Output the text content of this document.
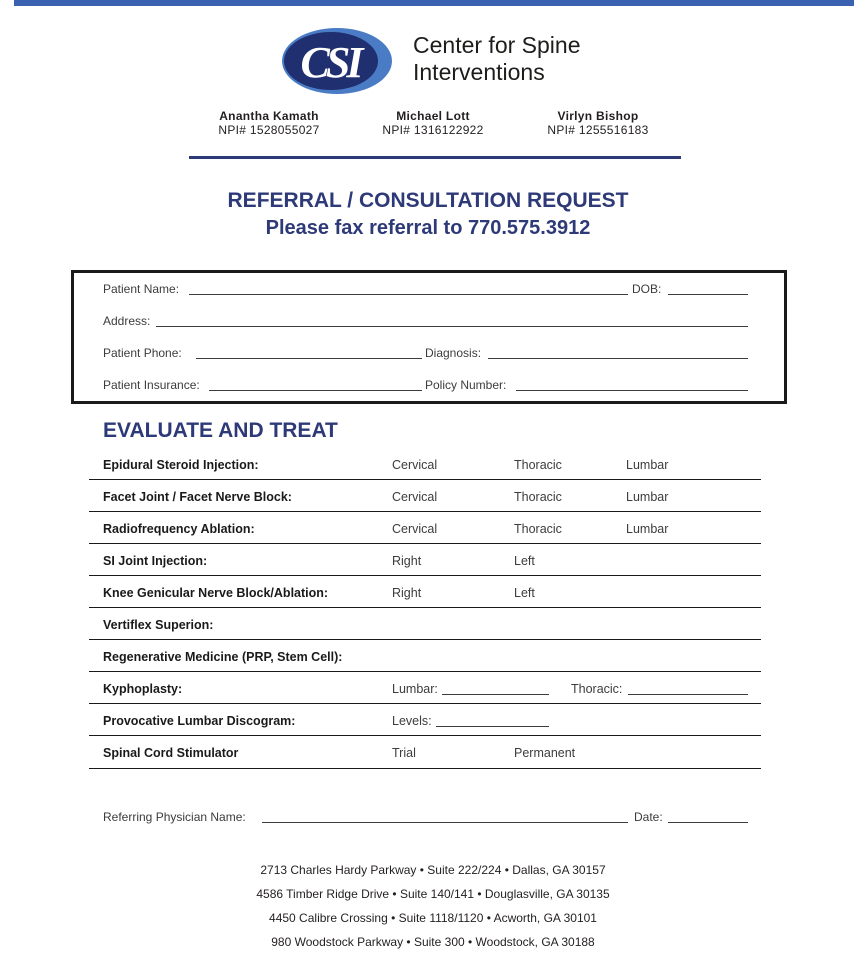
CSI Center for Spine
Interventions
Anantha Kamath
NPI# 1528055027
Michael Lott
NPI# 1316122922
Virlyn Bishop
NPI# 1255516183
REFERRAL / CONSULTATION REQUEST
Please fax referral to 770.575.3912
Patient Name:	DOB:
Address:
Patient Phone:	Diagnosis:
Patient Insurance:	Policy Number:
EVALUATE AND TREAT
Epidural Steroid Injection:	Cervical	Thoracic	Lumbar
Facet Joint / Facet Nerve Block:	Cervical	Thoracic	Lumbar
Radiofrequency Ablation:	Cervical	Thoracic	Lumbar
SI Joint Injection:	Right	Left
Knee Genicular Nerve Block/Ablation:	Right	Left
Vertiflex Superion:
Regenerative Medicine (PRP, Stem Cell):
Kyphoplasty:	Lumbar:	Thoracic:
Provocative Lumbar Discogram:	Levels:
Spinal Cord Stimulator	Trial	Permanent
Referring Physician Name:	Date:
2713 Charles Hardy Parkway • Suite 222/224 • Dallas, GA 30157
4586 Timber Ridge Drive • Suite 140/141 • Douglasville, GA 30135
4450 Calibre Crossing • Suite 1118/1120 • Acworth, GA 30101
980 Woodstock Parkway • Suite 300 • Woodstock, GA 30188
